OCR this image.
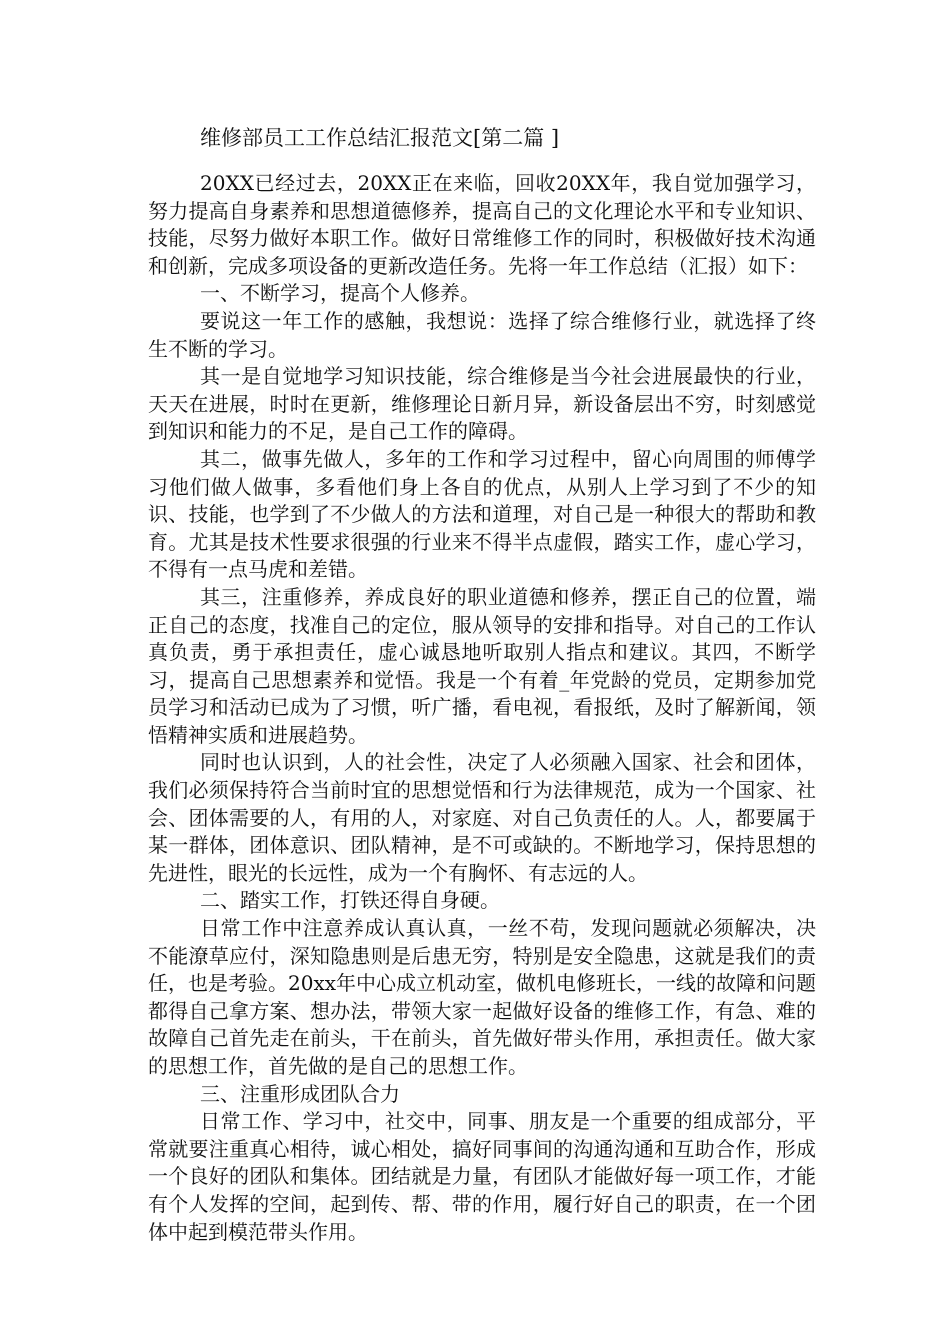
维修部员工工作总结汇报范文[第二篇 ]

20XX已经过去，20XX正在来临，回收20XX年，我自觉加强学习，努力提高自身素养和思想道德修养，提高自己的文化理论水平和专业知识、技能，尽努力做好本职工作。做好日常维修工作的同时，积极做好技术沟通和创新，完成多项设备的更新改造任务。先将一年工作总结（汇报）如下：

一、不断学习，提高个人修养。

要说这一年工作的感触，我想说：选择了综合维修行业，就选择了终生不断的学习。

其一是自觉地学习知识技能，综合维修是当今社会进展最快的行业，天天在进展，时时在更新，维修理论日新月异，新设备层出不穷，时刻感觉到知识和能力的不足，是自己工作的障碍。

其二，做事先做人，多年的工作和学习过程中，留心向周围的师傅学习他们做人做事，多看他们身上各自的优点，从别人上学习到了不少的知识、技能，也学到了不少做人的方法和道理，对自己是一种很大的帮助和教育。尤其是技术性要求很强的行业来不得半点虚假，踏实工作，虚心学习，不得有一点马虎和差错。

其三，注重修养，养成良好的职业道德和修养，摆正自己的位置，端正自己的态度，找准自己的定位，服从领导的安排和指导。对自己的工作认真负责，勇于承担责任，虚心诚恳地听取别人指点和建议。其四，不断学习，提高自己思想素养和觉悟。我是一个有着_年党龄的党员，定期参加党员学习和活动已成为了习惯，听广播，看电视，看报纸，及时了解新闻，领悟精神实质和进展趋势。

同时也认识到，人的社会性，决定了人必须融入国家、社会和团体，我们必须保持符合当前时宜的思想觉悟和行为法律规范，成为一个国家、社会、团体需要的人，有用的人，对家庭、对自己负责任的人。人，都要属于某一群体，团体意识、团队精神，是不可或缺的。不断地学习，保持思想的先进性，眼光的长远性，成为一个有胸怀、有志远的人。

二、踏实工作，打铁还得自身硬。

日常工作中注意养成认真认真，一丝不苟，发现问题就必须解决，决不能潦草应付，深知隐患则是后患无穷，特别是安全隐患，这就是我们的责任，也是考验。20xx年中心成立机动室，做机电修班长，一线的故障和问题都得自己拿方案、想办法，带领大家一起做好设备的维修工作，有急、难的故障自己首先走在前头，干在前头，首先做好带头作用，承担责任。做大家的思想工作，首先做的是自己的思想工作。

三、注重形成团队合力

日常工作、学习中，社交中，同事、朋友是一个重要的组成部分，平常就要注重真心相待，诚心相处，搞好同事间的沟通沟通和互助合作，形成一个良好的团队和集体。团结就是力量，有团队才能做好每一项工作，才能有个人发挥的空间，起到传、帮、带的作用，履行好自己的职责，在一个团体中起到模范带头作用。
